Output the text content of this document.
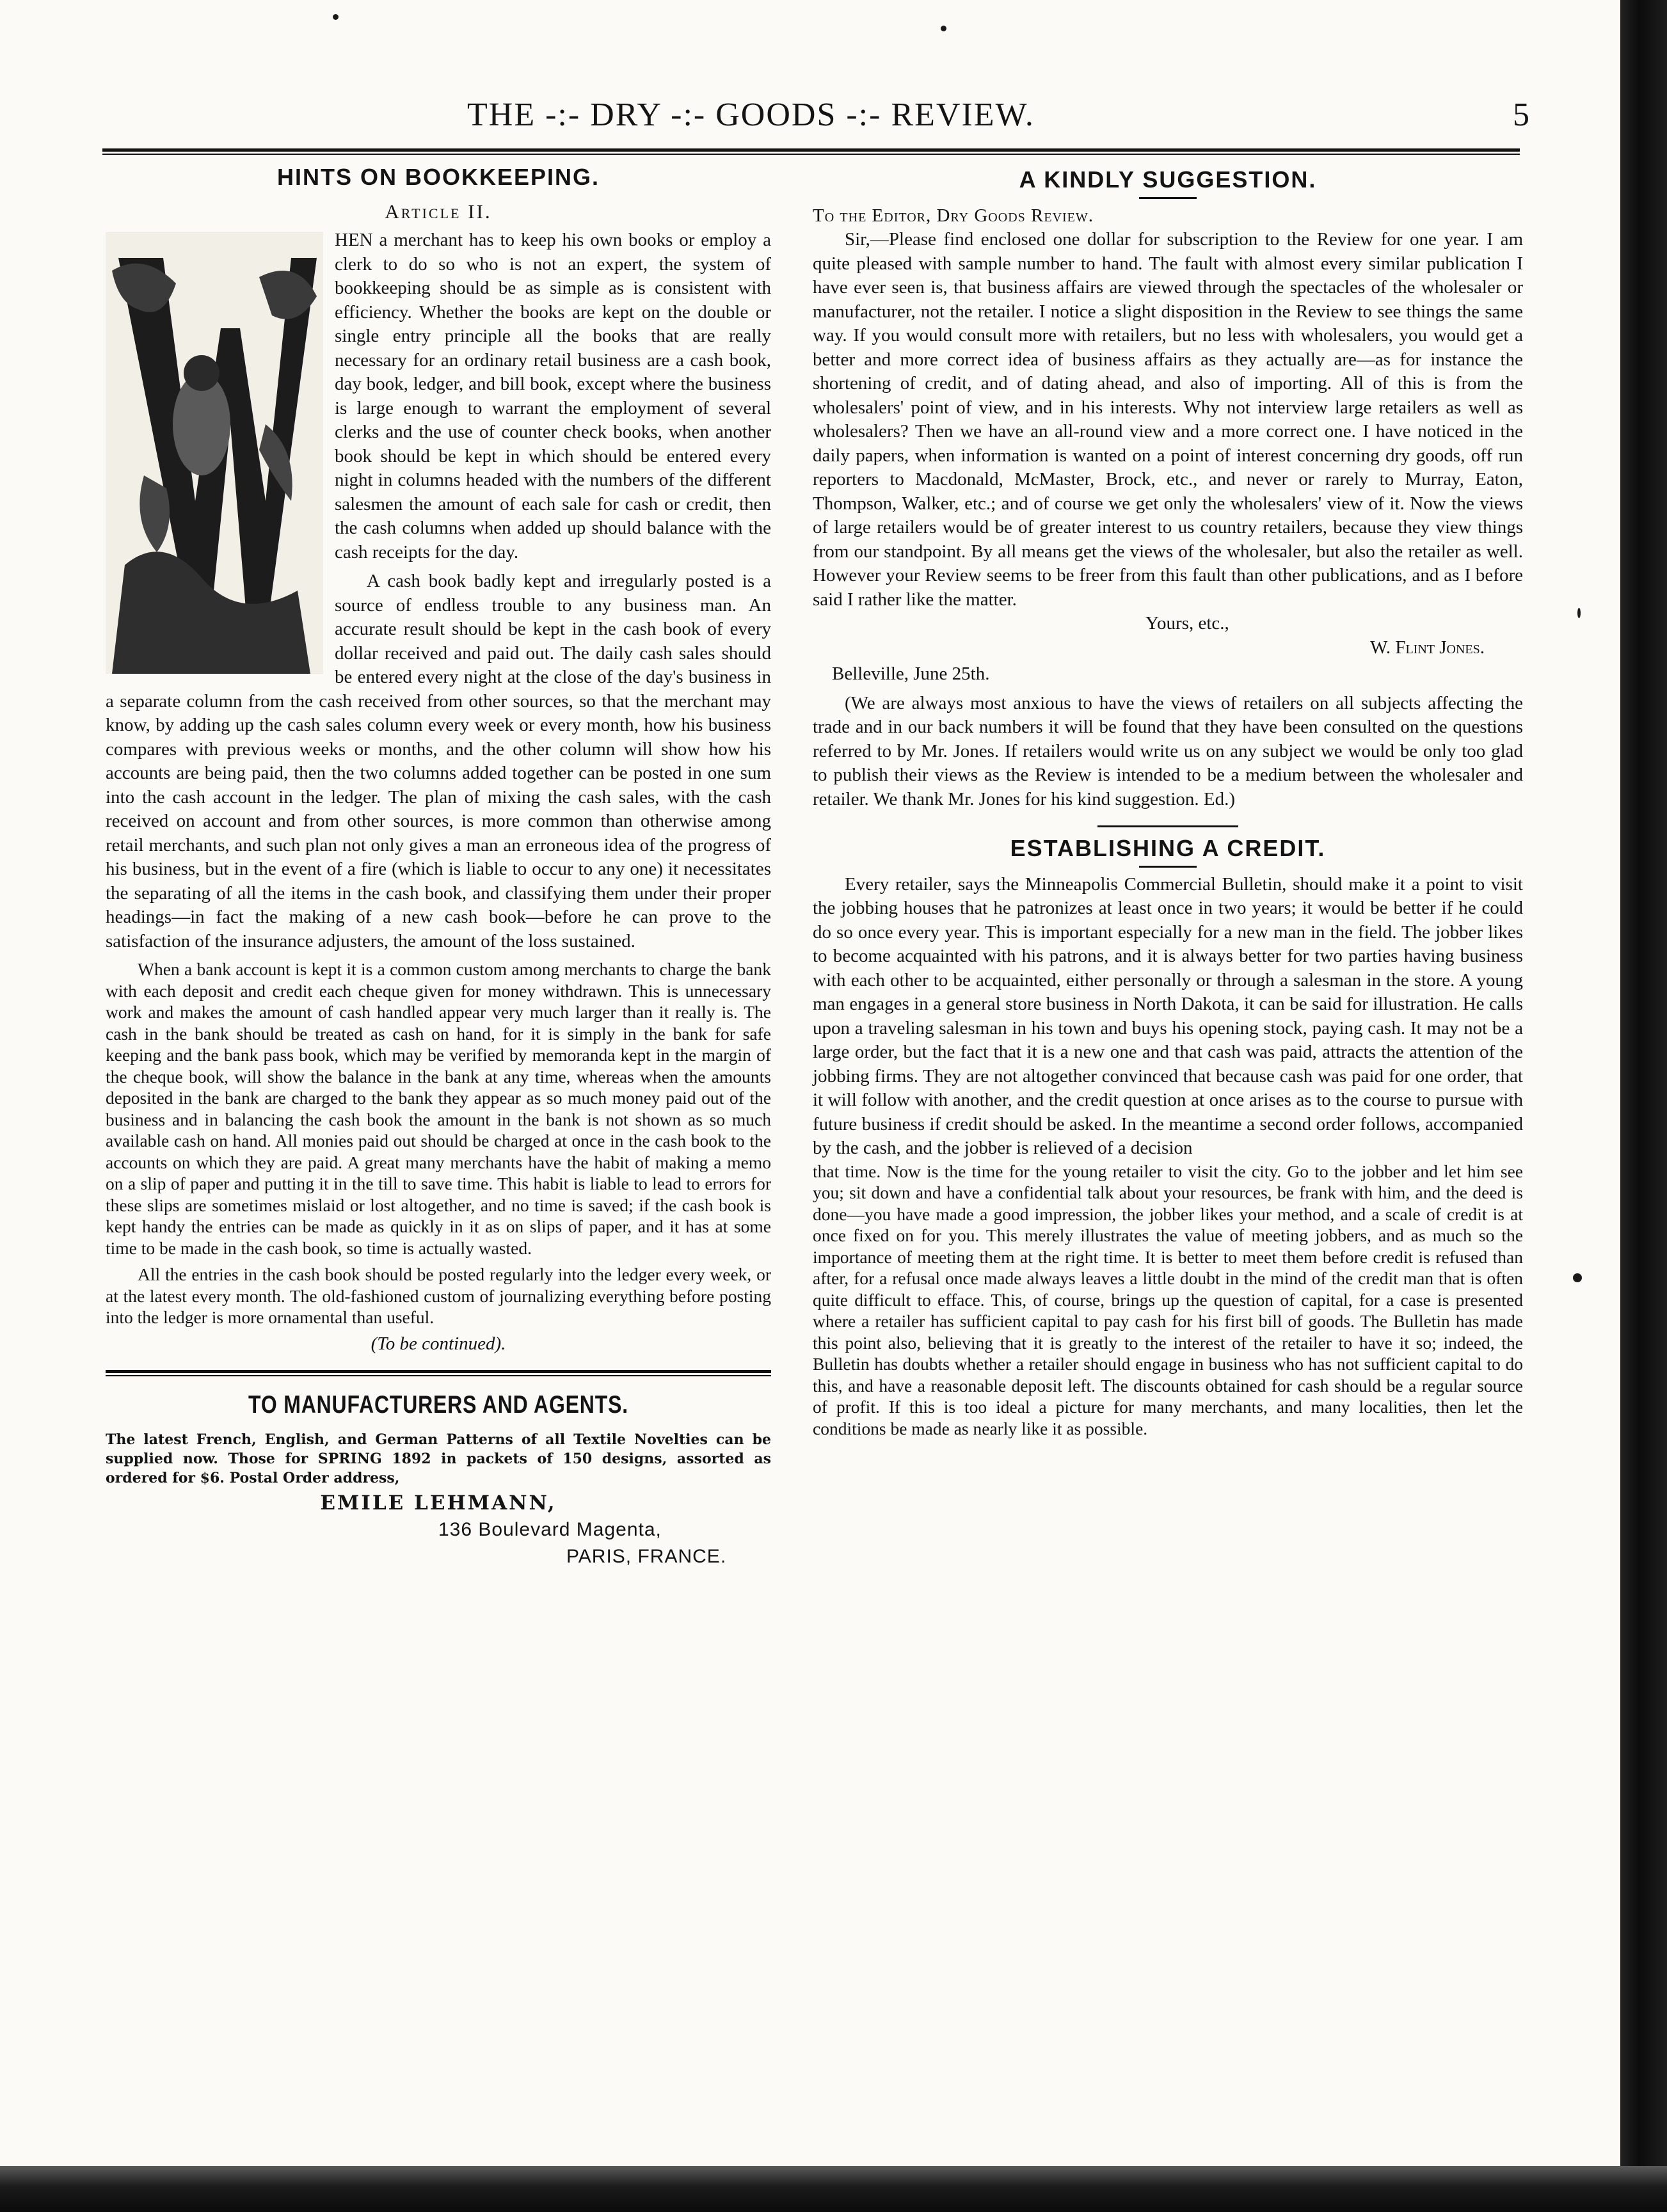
THE -:- DRY -:- GOODS -:- REVIEW.	5
HINTS ON BOOKKEEPING.
Article II.
W

HEN a merchant has to keep his own books or employ a clerk to do so who is not an expert, the system of bookkeeping should be as simple as is consistent with efficiency. Whether the books are kept on the double or single entry principle all the books that are really necessary for an ordinary retail business are a cash book, day book, ledger, and bill book, except where the business is large enough to warrant the employment of several clerks and the use of counter check books, when another book should be kept in which should be entered every night in columns headed with the numbers of the different salesmen the amount of each sale for cash or credit, then the cash columns when added up should balance with the cash receipts for the day.

A cash book badly kept and irregularly posted is a source of endless trouble to any business man. An accurate result should be kept in the cash book of every dollar received and paid out. The daily cash sales should be entered every night at the close of the day's business in a separate column from the cash received from other sources, so that the merchant may know, by adding up the cash sales column every week or every month, how his business compares with previous weeks or months, and the other column will show how his accounts are being paid, then the two columns added together can be posted in one sum into the cash account in the ledger. The plan of mixing the cash sales, with the cash received on account and from other sources, is more common than otherwise among retail merchants, and such plan not only gives a man an erroneous idea of the progress of his business, but in the event of a fire (which is liable to occur to any one) it necessitates the separating of all the items in the cash book, and classifying them under their proper headings—in fact the making of a new cash book—before he can prove to the satisfaction of the insurance adjusters, the amount of the loss sustained.

When a bank account is kept it is a common custom among merchants to charge the bank with each deposit and credit each cheque given for money withdrawn. This is unnecessary work and makes the amount of cash handled appear very much larger than it really is. The cash in the bank should be treated as cash on hand, for it is simply in the bank for safe keeping and the bank pass book, which may be verified by memoranda kept in the margin of the cheque book, will show the balance in the bank at any time, whereas when the amounts deposited in the bank are charged to the bank they appear as so much money paid out of the business and in balancing the cash book the amount in the bank is not shown as so much available cash on hand. All monies paid out should be charged at once in the cash book to the accounts on which they are paid. A great many merchants have the habit of making a memo on a slip of paper and putting it in the till to save time. This habit is liable to lead to errors for these slips are sometimes mislaid or lost altogether, and no time is saved; if the cash book is kept handy the entries can be made as quickly in it as on slips of paper, and it has at some time to be made in the cash book, so time is actually wasted.

All the entries in the cash book should be posted regularly into the ledger every week, or at the latest every month. The old-fashioned custom of journalizing everything before posting into the ledger is more ornamental than useful.

(To be continued).
TO MANUFACTURERS AND AGENTS.
The latest French, English, and German Patterns of all Textile Novelties can be supplied now. Those for SPRING 1892 in packets of 150 designs, assorted as ordered for $6. Postal Order address,
EMILE LEHMANN,
136 Boulevard Magenta,
PARIS, FRANCE.
A KINDLY SUGGESTION.
To the Editor, Dry Goods Review.

Sir,—Please find enclosed one dollar for subscription to the Review for one year. I am quite pleased with sample number to hand. The fault with almost every similar publication I have ever seen is, that business affairs are viewed through the spectacles of the wholesaler or manufacturer, not the retailer. I notice a slight disposition in the Review to see things the same way. If you would consult more with retailers, but no less with wholesalers, you would get a better and more correct idea of business affairs as they actually are—as for instance the shortening of credit, and of dating ahead, and also of importing. All of this is from the wholesalers' point of view, and in his interests. Why not interview large retailers as well as wholesalers? Then we have an all-round view and a more correct one. I have noticed in the daily papers, when information is wanted on a point of interest concerning dry goods, off run reporters to Macdonald, McMaster, Brock, etc., and never or rarely to Murray, Eaton, Thompson, Walker, etc.; and of course we get only the wholesalers' view of it. Now the views of large retailers would be of greater interest to us country retailers, because they view things from our standpoint. By all means get the views of the wholesaler, but also the retailer as well. However your Review seems to be freer from this fault than other publications, and as I before said I rather like the matter.

Yours, etc.,
W. Flint Jones.
Belleville, June 25th.

(We are always most anxious to have the views of retailers on all subjects affecting the trade and in our back numbers it will be found that they have been consulted on the questions referred to by Mr. Jones. If retailers would write us on any subject we would be only too glad to publish their views as the Review is intended to be a medium between the wholesaler and retailer. We thank Mr. Jones for his kind suggestion. Ed.)

ESTABLISHING A CREDIT.

Every retailer, says the Minneapolis Commercial Bulletin, should make it a point to visit the jobbing houses that he patronizes at least once in two years; it would be better if he could do so once every year. This is important especially for a new man in the field. The jobber likes to become acquainted with his patrons, and it is always better for two parties having business with each other to be acquainted, either personally or through a salesman in the store. A young man engages in a general store business in North Dakota, it can be said for illustration. He calls upon a traveling salesman in his town and buys his opening stock, paying cash. It may not be a large order, but the fact that it is a new one and that cash was paid, attracts the attention of the jobbing firms. They are not altogether convinced that because cash was paid for one order, that it will follow with another, and the credit question at once arises as to the course to pursue with future business if credit should be asked. In the meantime a second order follows, accompanied by the cash, and the jobber is relieved of a decision

that time. Now is the time for the young retailer to visit the city. Go to the jobber and let him see you; sit down and have a confidential talk about your resources, be frank with him, and the deed is done—you have made a good impression, the jobber likes your method, and a scale of credit is at once fixed on for you. This merely illustrates the value of meeting jobbers, and as much so the importance of meeting them at the right time. It is better to meet them before credit is refused than after, for a refusal once made always leaves a little doubt in the mind of the credit man that is often quite difficult to efface. This, of course, brings up the question of capital, for a case is presented where a retailer has sufficient capital to pay cash for his first bill of goods. The Bulletin has made this point also, believing that it is greatly to the interest of the retailer to have it so; indeed, the Bulletin has doubts whether a retailer should engage in business who has not sufficient capital to do this, and have a reasonable deposit left. The discounts obtained for cash should be a regular source of profit. If this is too ideal a picture for many merchants, and many localities, then let the conditions be made as nearly like it as possible.
